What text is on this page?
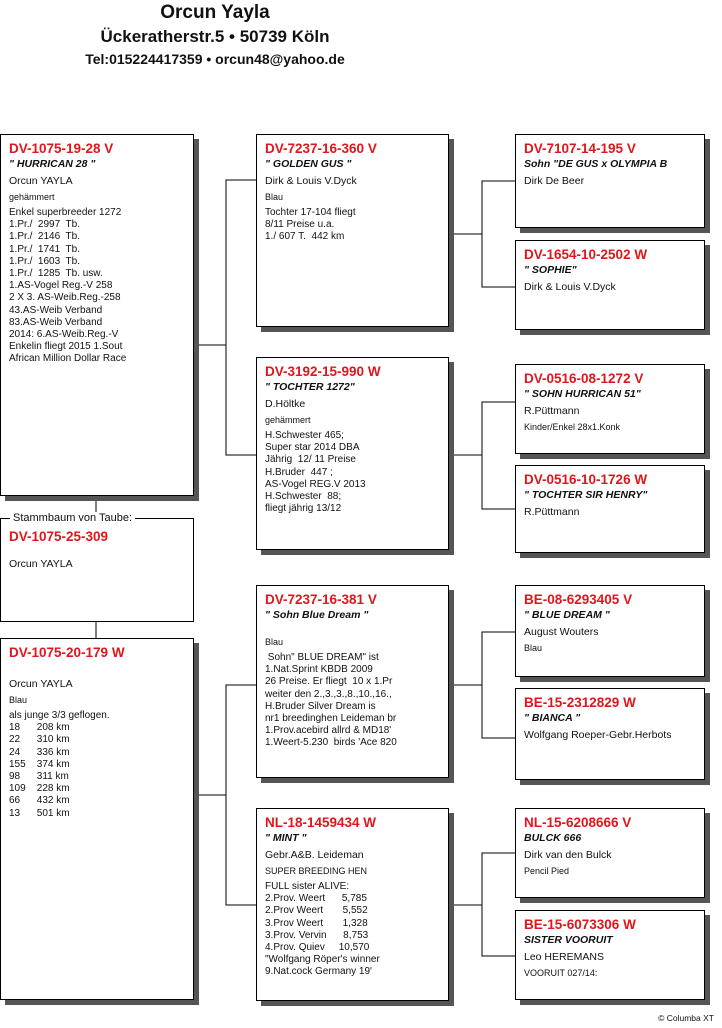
Orcun Yayla
Ückeratherstr.5 • 50739 Köln
Tel:015224417359 • orcun48@yahoo.de
DV-1075-19-28 V
" HURRICAN 28 "
Orcun YAYLA
gehämmert
Enkel superbreeder 1272
1.Pr./  2997  Tb.
1.Pr./  2146  Tb.
1.Pr./  1741  Tb.
1.Pr./  1603  Tb.
1.Pr./  1285  Tb. usw.
1.AS-Vogel Reg.-V 258
2 X 3. AS-Weib.Reg.-258
43.AS-Weib Verband
83.AS-Weib Verband
2014: 6.AS-Weib.Reg.-V
Enkelin fliegt 2015 1.Sout
African Million Dollar Race
DV-1075-25-309
Orcun YAYLA
Stammbaum von Taube:
DV-1075-20-179 W
Orcun YAYLA
Blau
als junge 3/3 geflogen.
18      208 km
22      310 km
24      336 km
155    374 km
98      311 km
109    228 km
66      432 km
13      501 km
DV-7237-16-360 V
" GOLDEN GUS "
Dirk & Louis V.Dyck
Blau
Tochter 17-104 fliegt
8/11 Preise u.a.
1./ 607 T.  442 km
DV-3192-15-990 W
" TOCHTER 1272"
D.Höltke
gehämmert
H.Schwester 465;
Super star 2014 DBA
Jährig  12/ 11 Preise
H.Bruder  447 ;
AS-Vogel REG.V 2013
H.Schwester  88;
fliegt jährig 13/12
DV-7237-16-381 V
" Sohn Blue Dream "
Blau
Sohn" BLUE DREAM" ist
1.Nat.Sprint KBDB 2009
26 Preise. Er fliegt  10 x 1.Pr
weiter den 2.,3.,3.,8.,10.,16.,
H.Bruder Silver Dream is
nr1 breedinghen Leideman br
1.Prov.acebird allrd & MD18'
1.Weert-5.230  birds 'Ace 820
NL-18-1459434 W
" MINT "
Gebr.A&B. Leideman
SUPER BREEDING HEN
FULL sister ALIVE:
2.Prov. Weert      5,785
2.Prov Weert       5,552
3.Prov Weert       1,328
3.Prov. Vervin      8,753
4.Prov. Quiev     10,570
"Wolfgang Röper's winner
9.Nat.cock Germany 19'
DV-7107-14-195 V
Sohn "DE GUS x OLYMPIA B
Dirk De Beer
DV-1654-10-2502 W
" SOPHIE"
Dirk & Louis V.Dyck
DV-0516-08-1272 V
" SOHN HURRICAN 51"
R.Püttmann
Kinder/Enkel 28x1.Konk
DV-0516-10-1726 W
" TOCHTER SIR HENRY"
R.Püttmann
BE-08-6293405 V
" BLUE DREAM "
August Wouters
Blau
BE-15-2312829 W
" BIANCA "
Wolfgang Roeper-Gebr.Herbots
NL-15-6208666 V
BULCK 666
Dirk van den Bulck
Pencil Pied
BE-15-6073306 W
SISTER VOORUIT
Leo HEREMANS
VOORUIT 027/14:
© Columba XT
